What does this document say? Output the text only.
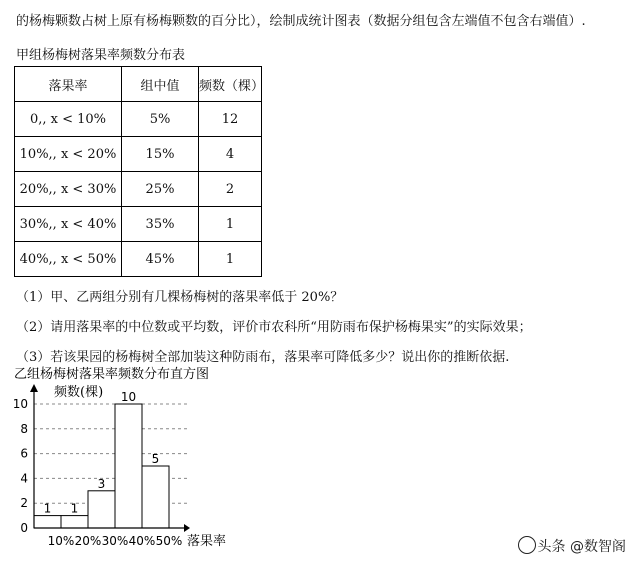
的杨梅颗数占树上原有杨梅颗数的百分比），绘制成统计图表（数据分组包含左端值不包含右端值）.
甲组杨梅树落果率频数分布表
落果率	组中值	频数（棵）
0,, x < 10%	5%	12
10%,, x < 20%	15%	4
20%,, x < 30%	25%	2
30%,, x < 40%	35%	1
40%,, x < 50%	45%	1
（1）甲、乙两组分别有几棵杨梅树的落果率低于 20%？
（2）请用落果率的中位数或平均数，评价市农科所“用防雨布保护杨梅果实”的实际效果；
（3）若该果园的杨梅树全部加装这种防雨布，落果率可降低多少？说出你的推断依据.
乙组杨梅树落果率频数分布直方图
频数(棵)
落果率
0
2
4
6
8
10
1 1
3
10
5
10% 20% 30% 40% 50%	头条 @数智阁
